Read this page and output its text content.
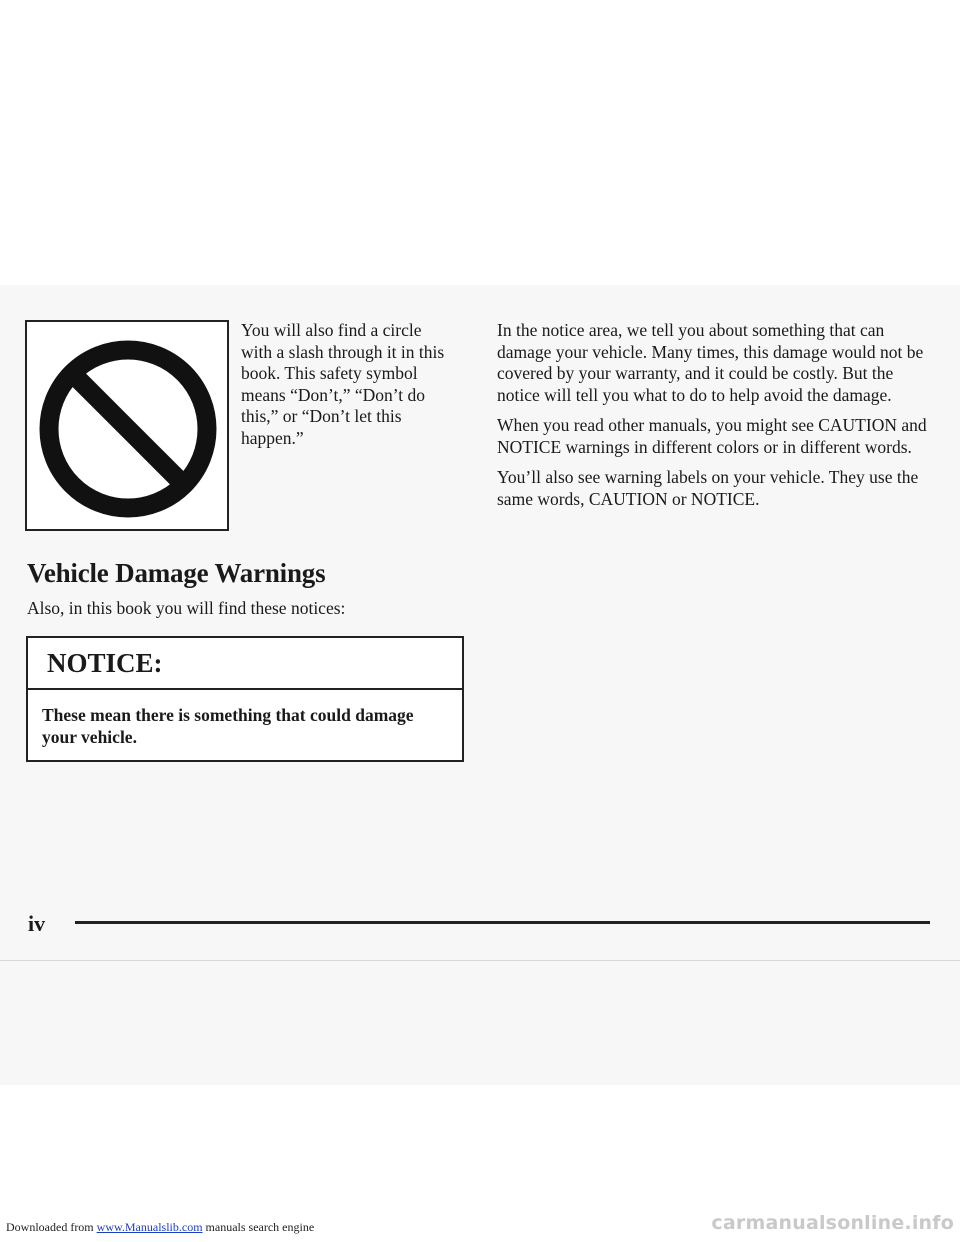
You will also find a circle with a slash through it in this book. This safety symbol means “Don’t,” “Don’t do this,” or “Don’t let this happen.”

Vehicle Damage Warnings

Also, in this book you will find these notices:

NOTICE:

These mean there is something that could damage your vehicle.

In the notice area, we tell you about something that can damage your vehicle. Many times, this damage would not be covered by your warranty, and it could be costly. But the notice will tell you what to do to help avoid the damage.

When you read other manuals, you might see CAUTION and NOTICE warnings in different colors or in different words.

You’ll also see warning labels on your vehicle. They use the same words, CAUTION or NOTICE.

iv

Downloaded from www.Manualslib.com manuals search engine	carmanualsonline.info
